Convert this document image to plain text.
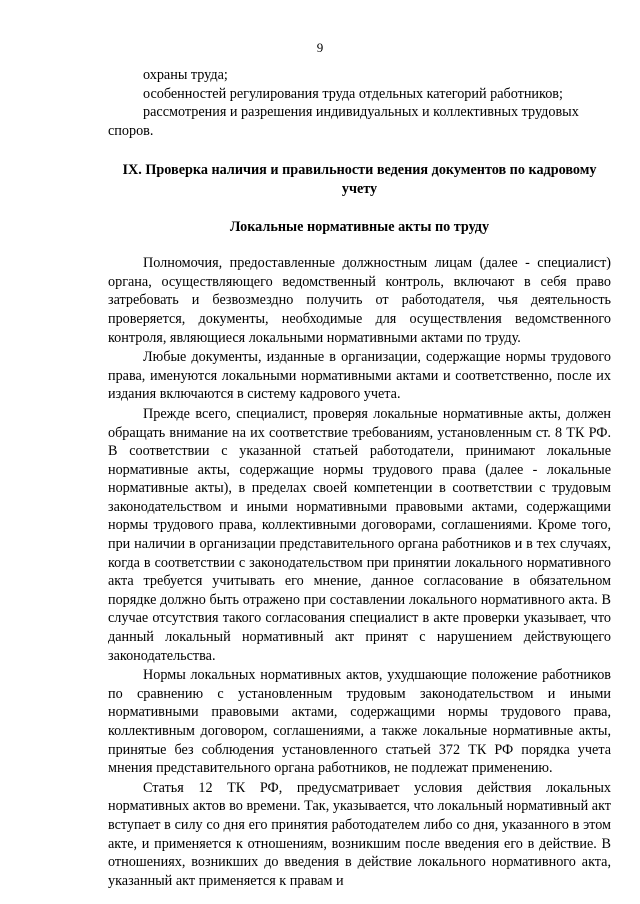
9

охраны труда;

особенностей регулирования труда отдельных категорий работников;

рассмотрения и разрешения индивидуальных и коллективных трудовых споров.

IX. Проверка наличия и правильности ведения документов по кадровому учету

Локальные нормативные акты по труду

Полномочия, предоставленные должностным лицам (далее - специалист) органа, осуществляющего ведомственный контроль, включают в себя право затребовать и безвозмездно получить от работодателя, чья деятельность проверяется, документы, необходимые для осуществления ведомственного контроля, являющиеся локальными нормативными актами по труду.

Любые документы, изданные в организации, содержащие нормы трудового права, именуются локальными нормативными актами и соответственно, после их издания включаются в систему кадрового учета.

Прежде всего, специалист, проверяя локальные нормативные акты, должен обращать внимание на их соответствие требованиям, установленным ст. 8 ТК РФ. В соответствии с указанной статьей работодатели, принимают локальные нормативные акты, содержащие нормы трудового права (далее - локальные нормативные акты), в пределах своей компетенции в соответствии с трудовым законодательством и иными нормативными правовыми актами, содержащими нормы трудового права, коллективными договорами, соглашениями. Кроме того, при наличии в организации представительного органа работников и в тех случаях, когда в соответствии с законодательством при принятии локального нормативного акта требуется учитывать его мнение, данное согласование в обязательном порядке должно быть отражено при составлении локального нормативного акта. В случае отсутствия такого согласования специалист в акте проверки указывает, что данный локальный нормативный акт принят с нарушением действующего законодательства.

Нормы локальных нормативных актов, ухудшающие положение работников по сравнению с установленным трудовым законодательством и иными нормативными правовыми актами, содержащими нормы трудового права, коллективным договором, соглашениями, а также локальные нормативные акты, принятые без соблюдения установленного статьей 372 ТК РФ порядка учета мнения представительного органа работников, не подлежат применению.

Статья 12 ТК РФ, предусматривает условия действия локальных нормативных актов во времени. Так, указывается, что локальный нормативный акт вступает в силу со дня его принятия работодателем либо со дня, указанного в этом акте, и применяется к отношениям, возникшим после введения его в действие. В отношениях, возникших до введения в действие локального нормативного акта, указанный акт применяется к правам и
